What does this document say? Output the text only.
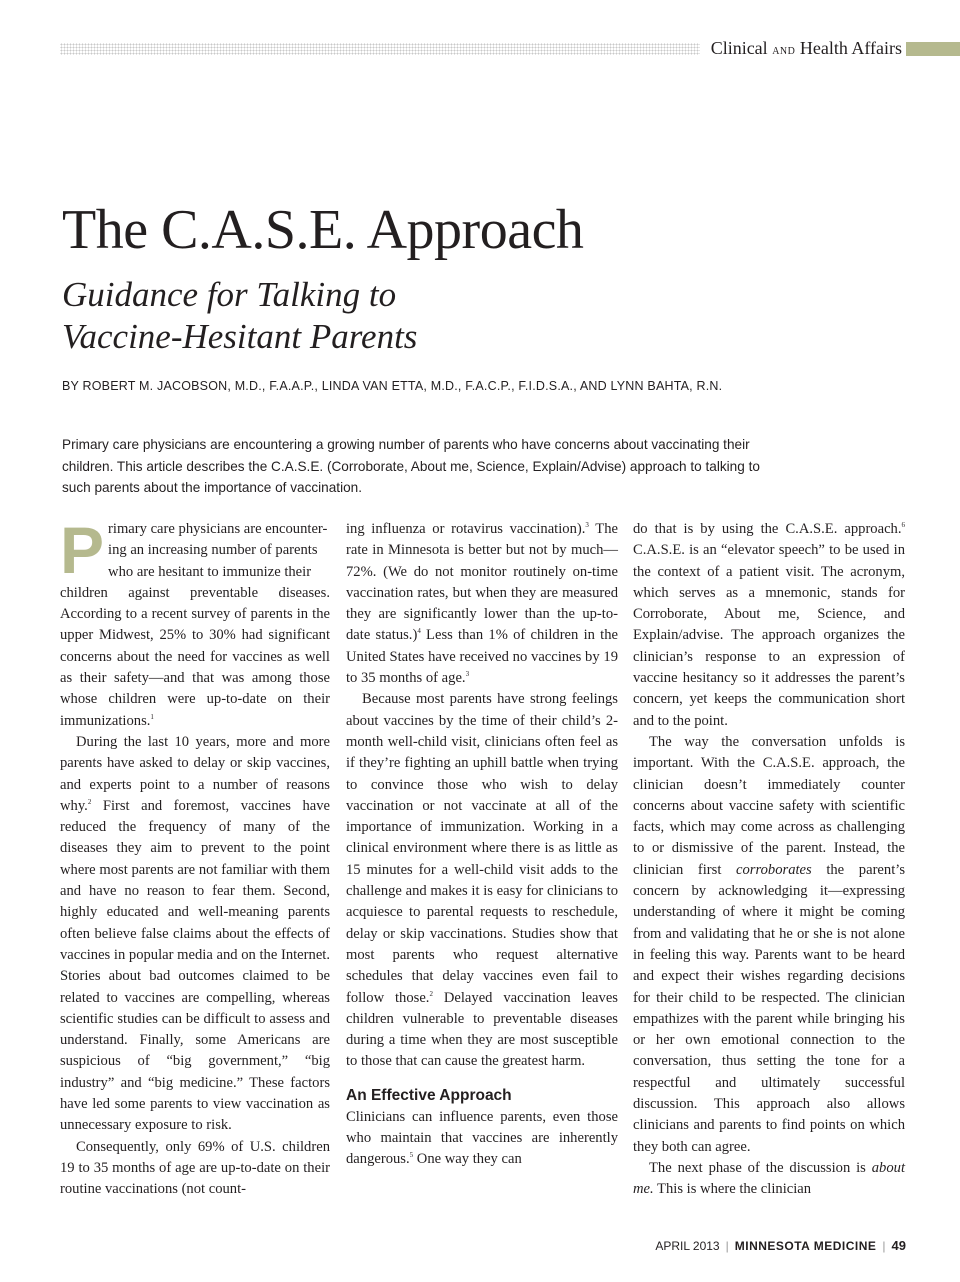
Clinical AND Health Affairs
The C.A.S.E. Approach
Guidance for Talking to
Vaccine-Hesitant Parents
BY ROBERT M. JACOBSON, M.D., F.A.A.P., LINDA VAN ETTA, M.D., F.A.C.P., F.I.D.S.A., AND LYNN BAHTA, R.N.

Primary care physicians are encountering a growing number of parents who have concerns about vaccinating their children. This article describes the C.A.S.E. (Corroborate, About me, Science, Explain/Advise) approach to talking to such parents about the importance of vaccination.

P rimary care physicians are encounter-
ing an increasing number of parents
who are hesitant to immunize their
children against preventable diseases. According to a recent survey of parents in the upper Midwest, 25% to 30% had significant concerns about the need for vaccines as well as their safety—and that was among those whose children were up-to-date on their immunizations.$^1$

During the last 10 years, more and more parents have asked to delay or skip vaccines, and experts point to a number of reasons why.$^2$ First and foremost, vaccines have reduced the frequency of many of the diseases they aim to prevent to the point where most parents are not familiar with them and have no reason to fear them. Second, highly educated and well-meaning parents often believe false claims about the effects of vaccines in popular media and on the Internet. Stories about bad outcomes claimed to be related to vaccines are compelling, whereas scientific studies can be difficult to assess and understand. Finally, some Americans are suspicious of “big government,” “big industry” and “big medicine.” These factors have led some parents to view vaccination as unnecessary exposure to risk.

Consequently, only 69% of U.S. children 19 to 35 months of age are up-to-date on their routine vaccinations (not count-

ing influenza or rotavirus vaccination).$^3$ The rate in Minnesota is better but not by much—72%. (We do not monitor routinely on-time vaccination rates, but when they are measured they are significantly lower than the up-to-date status.)$^4$ Less than 1% of children in the United States have received no vaccines by 19 to 35 months of age.$^3$

Because most parents have strong feelings about vaccines by the time of their child’s 2-month well-child visit, clinicians often feel as if they’re fighting an uphill battle when trying to convince those who wish to delay vaccination or not vaccinate at all of the importance of immunization. Working in a clinical environment where there is as little as 15 minutes for a well-child visit adds to the challenge and makes it is easy for clinicians to acquiesce to parental requests to reschedule, delay or skip vaccinations. Studies show that most parents who request alternative schedules that delay vaccines even fail to follow those.$^2$ Delayed vaccination leaves children vulnerable to preventable diseases during a time when they are most susceptible to those that can cause the greatest harm.

An Effective Approach

Clinicians can influence parents, even those who maintain that vaccines are inherently dangerous.$^5$ One way they can

do that is by using the C.A.S.E. approach.$^6$ C.A.S.E. is an “elevator speech” to be used in the context of a patient visit. The acronym, which serves as a mnemonic, stands for Corroborate, About me, Science, and Explain/advise. The approach organizes the clinician’s response to an expression of vaccine hesitancy so it addresses the parent’s concern, yet keeps the communication short and to the point.

The way the conversation unfolds is important. With the C.A.S.E. approach, the clinician doesn’t immediately counter concerns about vaccine safety with scientific facts, which may come across as challenging to or dismissive of the parent. Instead, the clinician first corroborates the parent’s concern by acknowledging it—expressing understanding of where it might be coming from and validating that he or she is not alone in feeling this way. Parents want to be heard and expect their wishes regarding decisions for their child to be respected. The clinician empathizes with the parent while bringing his or her own emotional connection to the conversation, thus setting the tone for a respectful and ultimately successful discussion. This approach also allows clinicians and parents to find points on which they both can agree.

The next phase of the discussion is about me. This is where the clinician

APRIL 2013 | MINNESOTA MEDICINE | 49
